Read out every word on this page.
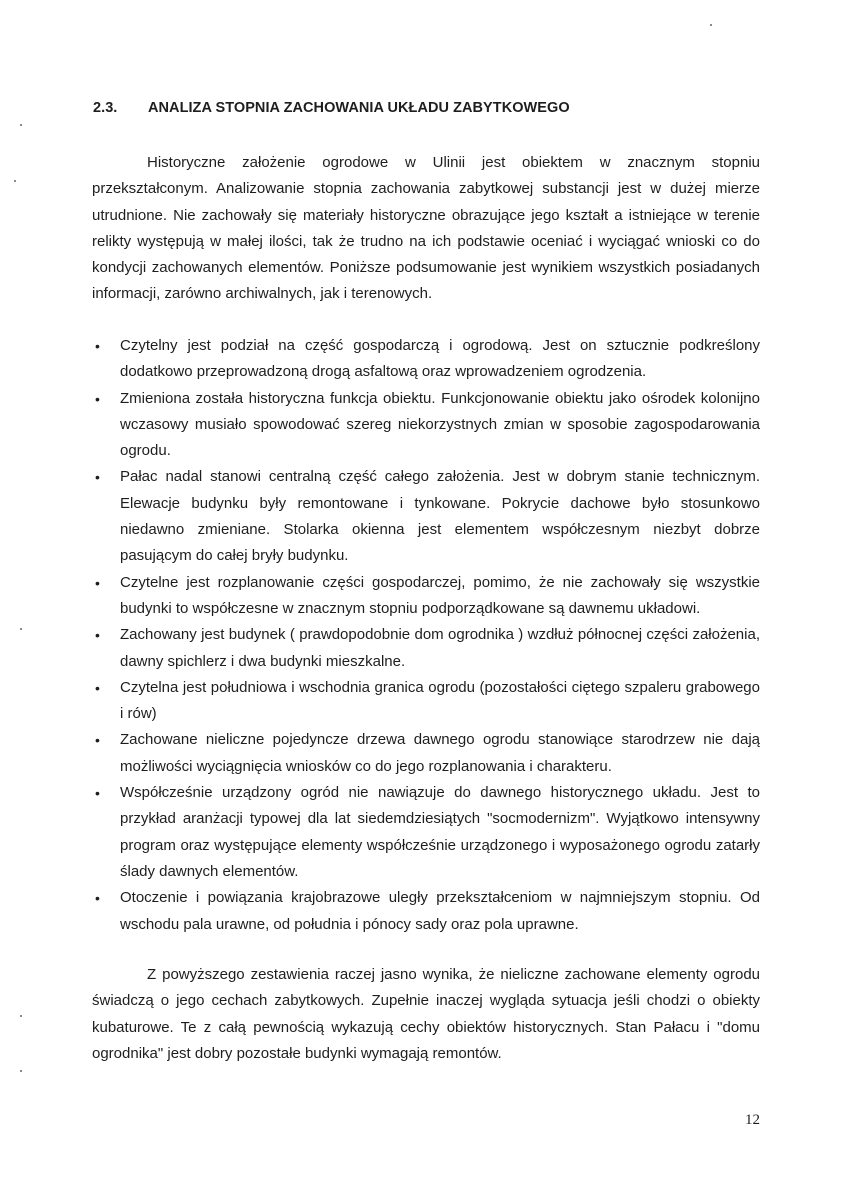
2.3. ANALIZA STOPNIA ZACHOWANIA UKŁADU ZABYTKOWEGO

Historyczne założenie ogrodowe w Ulinii jest obiektem w znacznym stopniu przekształconym. Analizowanie stopnia zachowania zabytkowej substancji jest w dużej mierze utrudnione. Nie zachowały się materiały historyczne obrazujące jego kształt a istniejące w terenie relikty występują w małej ilości, tak że trudno na ich podstawie oceniać i wyciągać wnioski co do kondycji zachowanych elementów. Poniższe podsumowanie jest wynikiem wszystkich posiadanych informacji, zarówno archiwalnych, jak i terenowych.

• Czytelny jest podział na część gospodarczą i ogrodową. Jest on sztucznie podkreślony dodatkowo przeprowadzoną drogą asfaltową oraz wprowadzeniem ogrodzenia.
• Zmieniona została historyczna funkcja obiektu. Funkcjonowanie obiektu jako ośrodek kolonijno wczasowy musiało spowodować szereg niekorzystnych zmian w sposobie zagospodarowania ogrodu.
• Pałac nadal stanowi centralną część całego założenia. Jest w dobrym stanie technicznym. Elewacje budynku były remontowane i tynkowane. Pokrycie dachowe było stosunkowo niedawno zmieniane. Stolarka okienna jest elementem współczesnym niezbyt dobrze pasującym do całej bryły budynku.
• Czytelne jest rozplanowanie części gospodarczej, pomimo, że nie zachowały się wszystkie budynki to współczesne w znacznym stopniu podporządkowane są dawnemu układowi.
• Zachowany jest budynek ( prawdopodobnie dom ogrodnika ) wzdłuż północnej części założenia, dawny spichlerz i dwa budynki mieszkalne.
• Czytelna jest południowa i wschodnia granica ogrodu (pozostałości ciętego szpaleru grabowego i rów)
• Zachowane nieliczne pojedyncze drzewa dawnego ogrodu stanowiące starodrzew nie dają możliwości wyciągnięcia wniosków co do jego rozplanowania i charakteru.
• Współcześnie urządzony ogród nie nawiązuje do dawnego historycznego układu. Jest to przykład aranżacji typowej dla lat siedemdziesiątych "socmodernizm". Wyjątkowo intensywny program oraz występujące elementy współcześnie urządzonego i wyposażonego ogrodu zatarły ślady dawnych elementów.
• Otoczenie i powiązania krajobrazowe uległy przekształceniom w najmniejszym stopniu. Od wschodu pala urawne, od południa i pónocy sady oraz pola uprawne.

Z powyższego zestawienia raczej jasno wynika, że nieliczne zachowane elementy ogrodu świadczą o jego cechach zabytkowych. Zupełnie inaczej wygląda sytuacja jeśli chodzi o obiekty kubaturowe. Te z całą pewnością wykazują cechy obiektów historycznych. Stan Pałacu i "domu ogrodnika" jest dobry pozostałe budynki wymagają remontów.

12
